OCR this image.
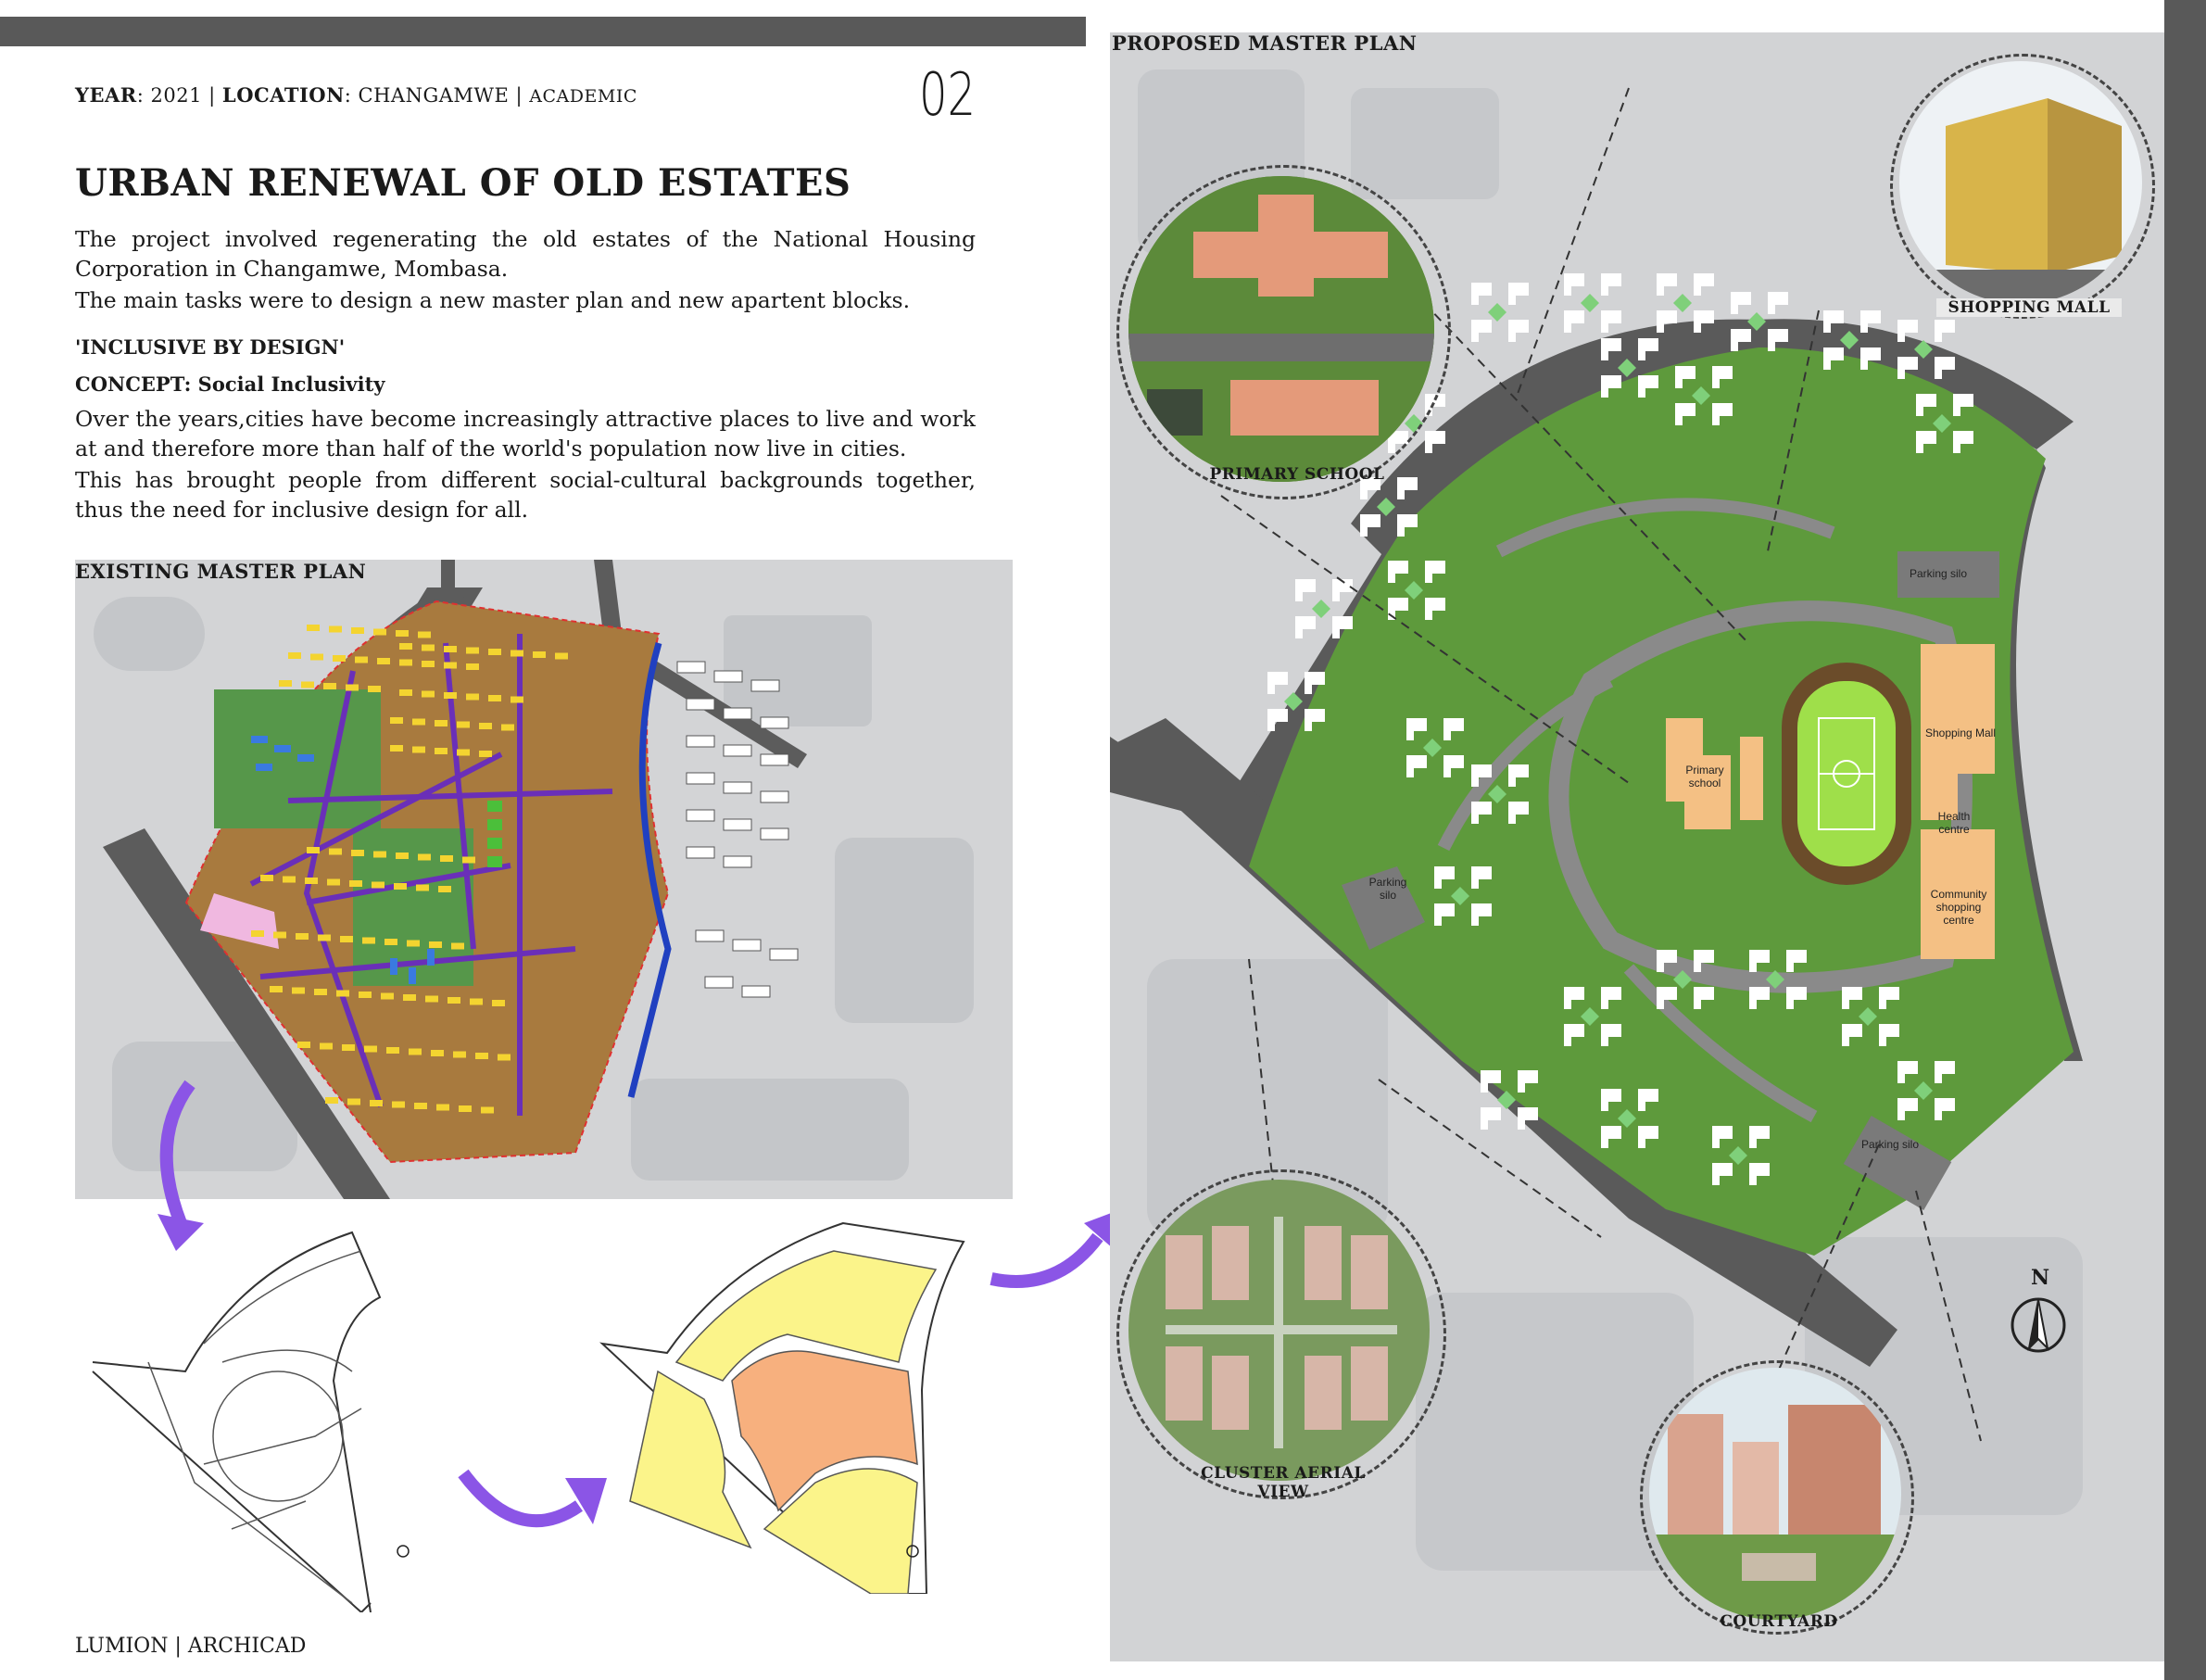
YEAR: 2021 | LOCATION: CHANGAMWE | ACADEMIC	02
URBAN RENEWAL OF OLD ESTATES
The project involved regenerating the old estates of the National Housing Corporation in Changamwe, Mombasa.
The main tasks were to design a new master plan and new apartent blocks.
'INCLUSIVE BY DESIGN'
CONCEPT: Social Inclusivity
Over the years,cities have become increasingly attractive places to live and work at and therefore more than half of the world's population now live in cities.
This has brought people from different social-cultural backgrounds together, thus the need for inclusive design for all.
EXISTING MASTER PLAN
PROPOSED MASTER PLAN
Parking silo
Parking silo
Parking silo
Primary school
Shopping Mall
Health centre
Community shopping centre
N
PRIMARY SCHOOL
SHOPPING MALL
CLUSTER AERIAL VIEW
COURTYARD
LUMION | ARCHICAD
